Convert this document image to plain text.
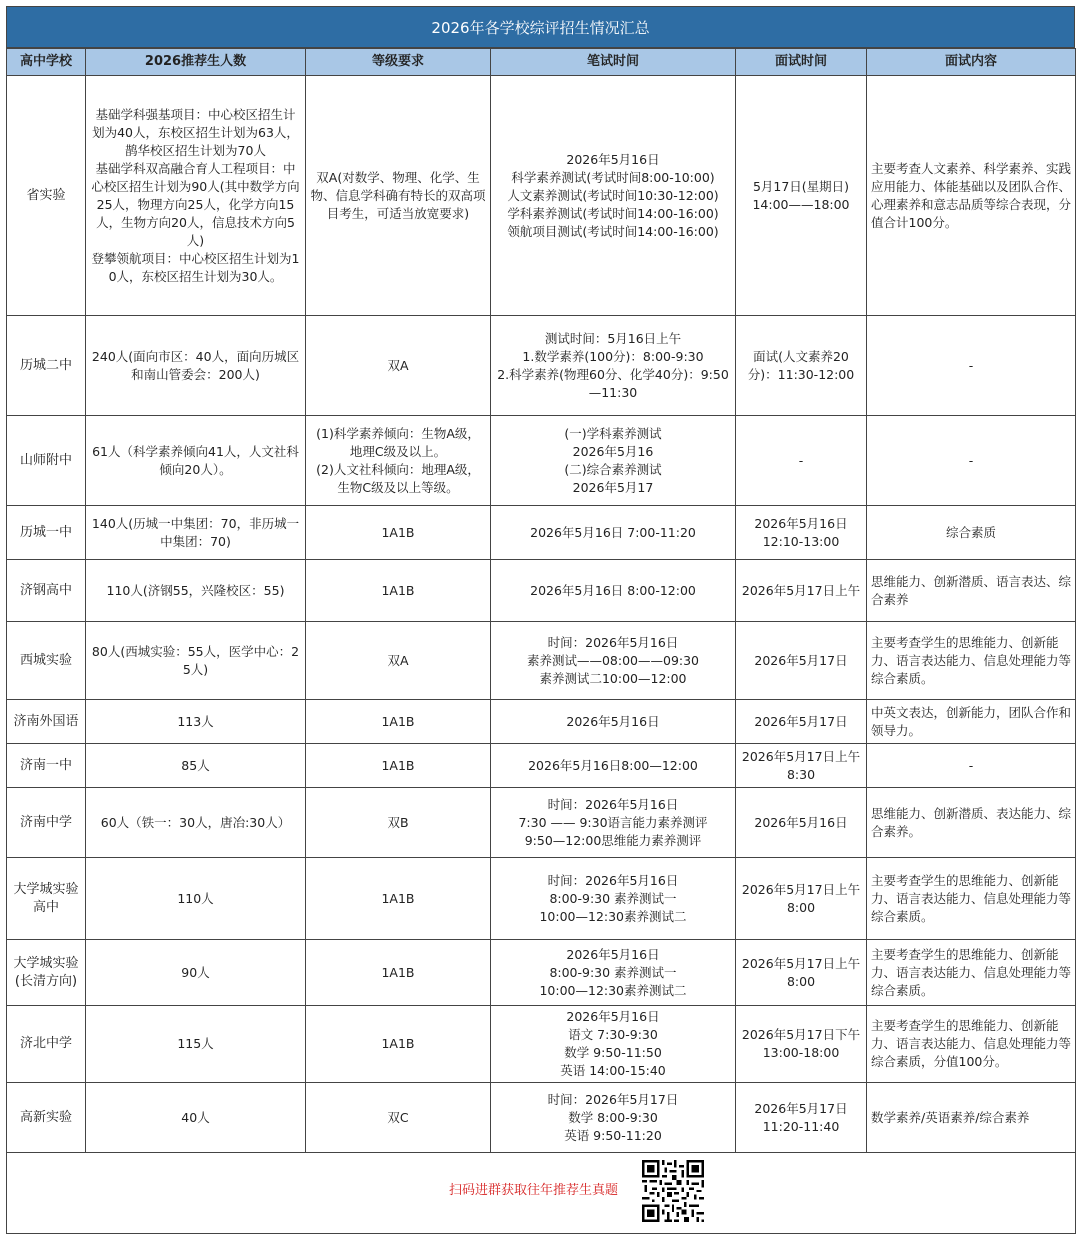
2026年各学校综评招生情况汇总
高中学校	2026推荐生人数	等级要求	笔试时间	面试时间	面试内容
省实验	基础学科强基项目：中心校区招生计划为40人，东校区招生计划为63人，鹊华校区招生计划为70人
基础学科双高融合育人工程项目：中心校区招生计划为90人(其中数学方向25人，物理方向25人，化学方向15人，生物方向20人，信息技术方向5人)
登攀领航项目：中心校区招生计划为10人，东校区招生计划为30人。	双A(对数学、物理、化学、生物、信息学科确有特长的双高项目考生，可适当放宽要求)	2026年5月16日
科学素养测试(考试时间8:00-10:00)
人文素养测试(考试时间10:30-12:00)
学科素养测试(考试时间14:00-16:00)
领航项目测试(考试时间14:00-16:00)	5月17日(星期日)
14:00——18:00	主要考查人文素养、科学素养、实践应用能力、体能基础以及团队合作、心理素养和意志品质等综合表现，分值合计100分。
历城二中	240人(面向市区：40人，面向历城区和南山管委会：200人)	双A	测试时间：5月16日上午
1.数学素养(100分)：8:00-9:30
2.科学素养(物理60分、化学40分)：9:50—11:30	面试(人文素养20分)：11:30-12:00	-
山师附中	61人（科学素养倾向41人，人文社科倾向20人）。	(1)科学素养倾向：生物A级，地理C级及以上。
(2)人文社科倾向：地理A级，生物C级及以上等级。	(一)学科素养测试
2026年5月16
(二)综合素养测试
2026年5月17	-	-
历城一中	140人(历城一中集团：70，非历城一中集团：70)	1A1B	2026年5月16日 7:00-11:20	2026年5月16日
12:10-13:00	综合素质
济钢高中	110人(济钢55，兴隆校区：55)	1A1B	2026年5月16日 8:00-12:00	2026年5月17日上午	思维能力、创新潜质、语言表达、综合素养
西城实验	80人(西城实验：55人，医学中心：25人)	双A	时间：2026年5月16日
素养测试——08:00——09:30
素养测试二10:00—12:00	2026年5月17日	主要考查学生的思维能力、创新能力、语言表达能力、信息处理能力等综合素质。
济南外国语	113人	1A1B	2026年5月16日	2026年5月17日	中英文表达，创新能力，团队合作和领导力。
济南一中	85人	1A1B	2026年5月16日8:00—12:00	2026年5月17日上午
8:30	-
济南中学	60人（铁一：30人，唐冶:30人）	双B	时间：2026年5月16日
7:30 —— 9:30语言能力素养测评
9:50—12:00思维能力素养测评	2026年5月16日	思维能力、创新潜质、表达能力、综合素养。
大学城实验高中	110人	1A1B	时间：2026年5月16日
8:00-9:30 素养测试一
10:00—12:30素养测试二	2026年5月17日上午
8:00	主要考查学生的思维能力、创新能力、语言表达能力、信息处理能力等综合素质。
大学城实验(长清方向)	90人	1A1B	2026年5月16日
8:00-9:30 素养测试一
10:00—12:30素养测试二	2026年5月17日上午
8:00	主要考查学生的思维能力、创新能力、语言表达能力、信息处理能力等综合素质。
济北中学	115人	1A1B	2026年5月16日
语文 7:30-9:30
数学 9:50-11:50
英语 14:00-15:40	2026年5月17日下午
13:00-18:00	主要考查学生的思维能力、创新能力、语言表达能力、信息处理能力等综合素质，分值100分。
高新实验	40人	双C	时间：2026年5月17日
数学 8:00-9:30
英语 9:50-11:20	2026年5月17日
11:20-11:40	数学素养/英语素养/综合素养

扫码进群获取往年推荐生真题					
